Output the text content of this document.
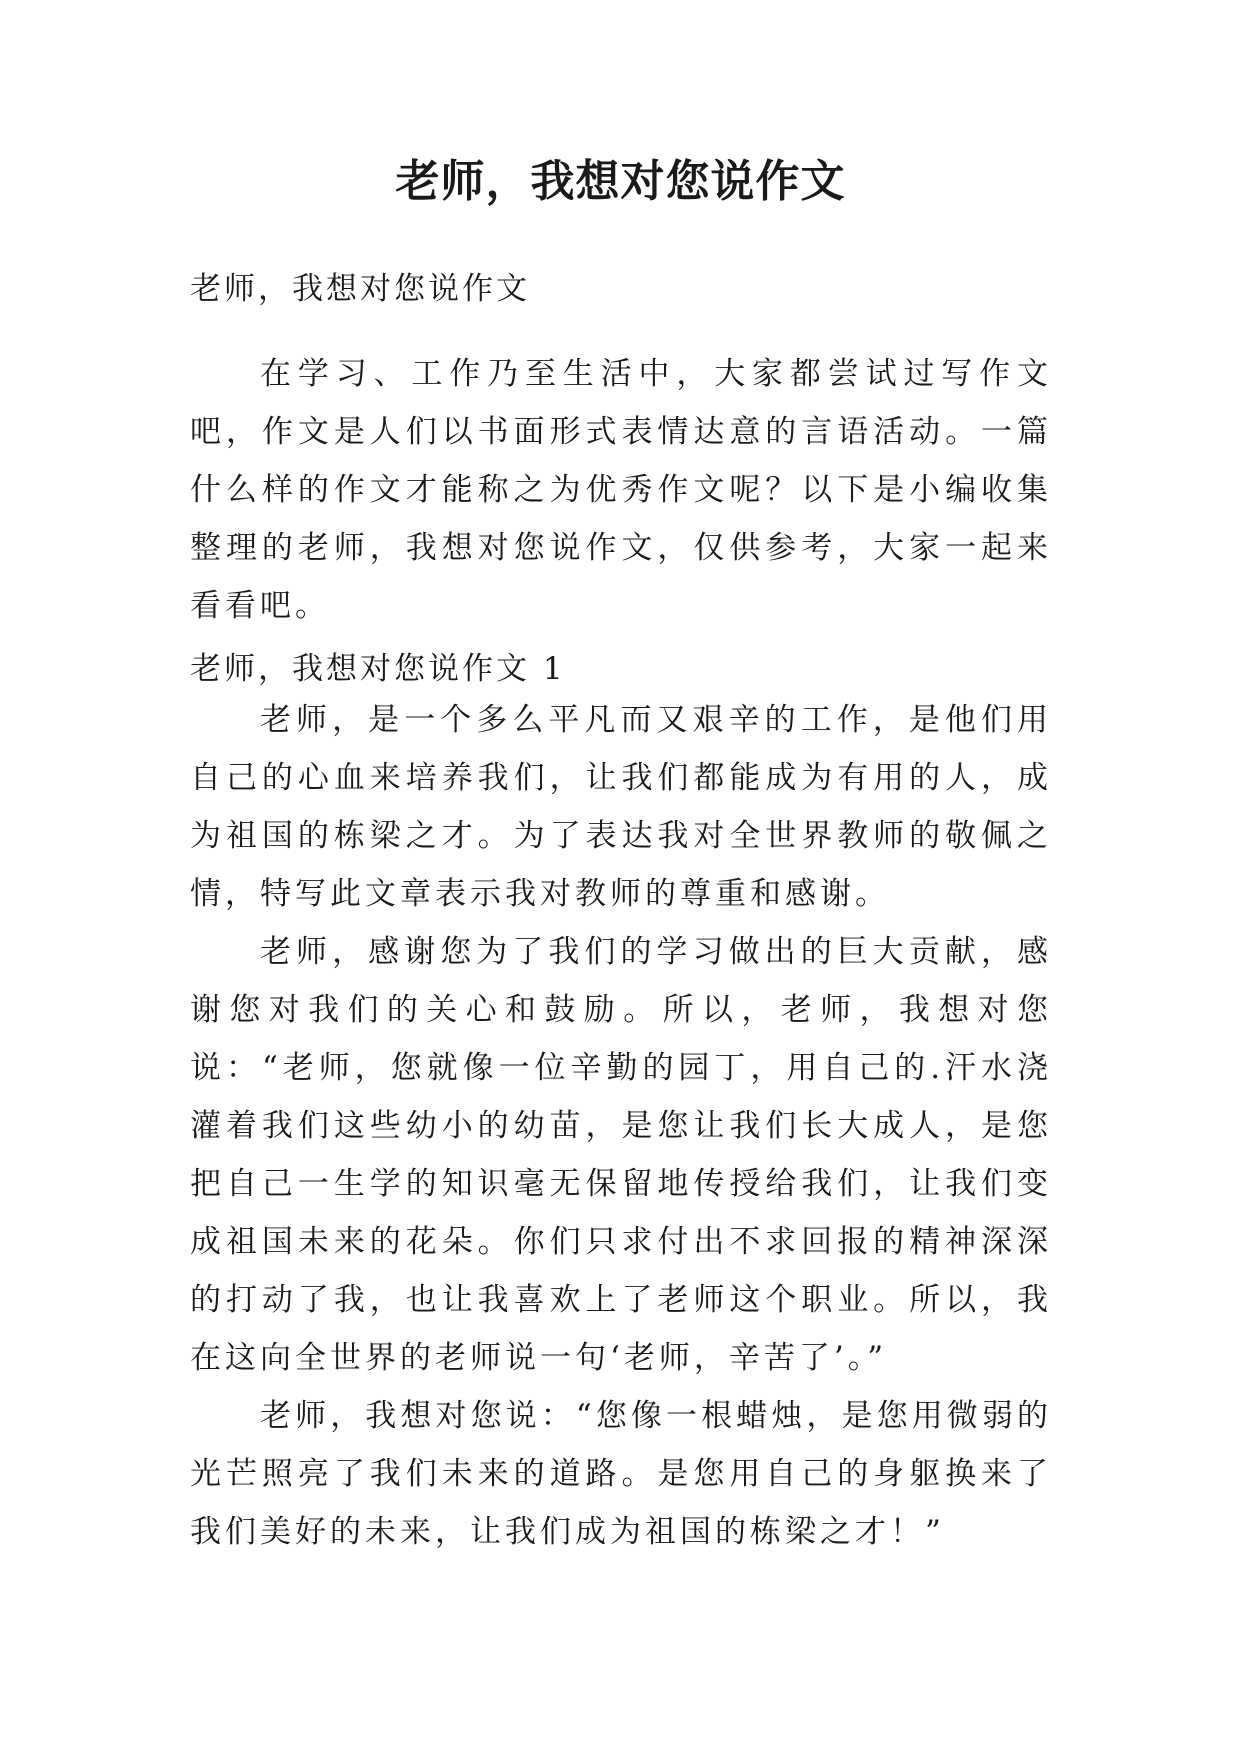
老师，我想对您说作文

老师，我想对您说作文

在学习、工作乃至生活中，大家都尝试过写作文吧，作文是人们以书面形式表情达意的言语活动。一篇什么样的作文才能称之为优秀作文呢？以下是小编收集整理的老师，我想对您说作文，仅供参考，大家一起来看看吧。

老师，我想对您说作文 1

老师，是一个多么平凡而又艰辛的工作，是他们用自己的心血来培养我们，让我们都能成为有用的人，成为祖国的栋梁之才。为了表达我对全世界教师的敬佩之情，特写此文章表示我对教师的尊重和感谢。

老师，感谢您为了我们的学习做出的巨大贡献，感谢您对我们的关心和鼓励。所以，老师，我想对您说：“老师，您就像一位辛勤的园丁，用自己的.汗水浇灌着我们这些幼小的幼苗，是您让我们长大成人，是您把自己一生学的知识毫无保留地传授给我们，让我们变成祖国未来的花朵。你们只求付出不求回报的精神深深的打动了我，也让我喜欢上了老师这个职业。所以，我在这向全世界的老师说一句‘老师，辛苦了’。”

老师，我想对您说：“您像一根蜡烛，是您用微弱的光芒照亮了我们未来的道路。是您用自己的身躯换来了我们美好的未来，让我们成为祖国的栋梁之才！”
